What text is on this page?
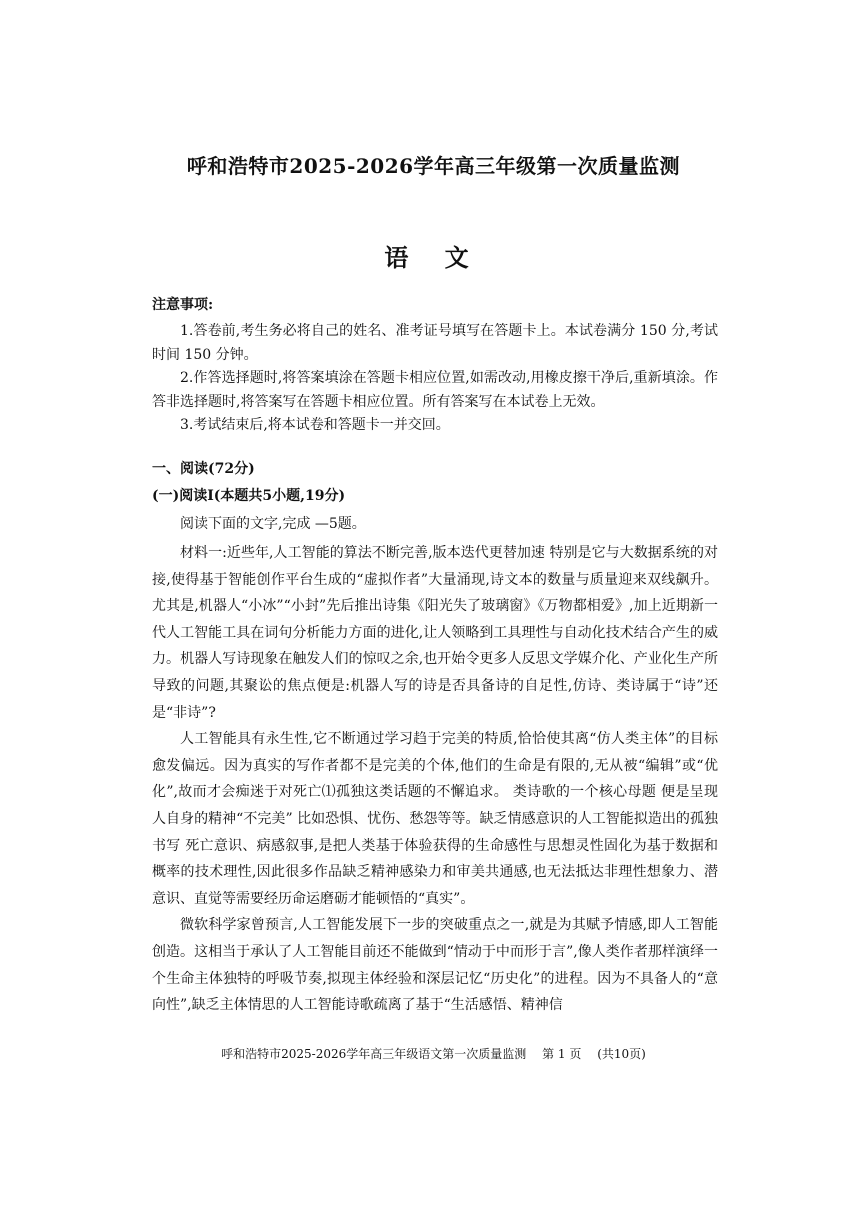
呼和浩特市2025-2026学年高三年级第一次质量监测
语 文
注意事项:

1.答卷前,考生务必将自己的姓名、准考证号填写在答题卡上。本试卷满分 150 分,考试时间 150 分钟。

2.作答选择题时,将答案填涂在答题卡相应位置,如需改动,用橡皮擦干净后,重新填涂。作答非选择题时,将答案写在答题卡相应位置。所有答案写在本试卷上无效。

3.考试结束后,将本试卷和答题卡一并交回。

一、阅读(72分)
(一)阅读Ⅰ(本题共5小题,19分)
阅读下面的文字,完成 —5题。

材料一:近些年,人工智能的算法不断完善,版本迭代更替加速 特别是它与大数据系统的对接,使得基于智能创作平台生成的“虚拟作者”大量涌现,诗文本的数量与质量迎来双线飙升。尤其是,机器人“小冰”“小封”先后推出诗集《阳光失了玻璃窗》《万物都相爱》,加上近期新一代人工智能工具在词句分析能力方面的进化,让人领略到工具理性与自动化技术结合产生的威力。机器人写诗现象在触发人们的惊叹之余,也开始令更多人反思文学媒介化、产业化生产所导致的问题,其聚讼的焦点便是:机器人写的诗是否具备诗的自足性,仿诗、类诗属于“诗”还是“非诗”?

人工智能具有永生性,它不断通过学习趋于完美的特质,恰恰使其离“仿人类主体”的目标愈发偏远。因为真实的写作者都不是完美的个体,他们的生命是有限的,无从被“编辑”或“优化”,故而才会痴迷于对死亡⑴孤独这类话题的不懈追求。 类诗歌的一个核心母题 便是呈现人自身的精神“不完美” 比如恐惧、忧伤、愁怨等等。缺乏情感意识的人工智能拟造出的孤独书写 死亡意识、病感叙事,是把人类基于体验获得的生命感性与思想灵性固化为基于数据和概率的技术理性,因此很多作品缺乏精神感染力和审美共通感,也无法抵达非理性想象力、潜意识、直觉等需要经历命运磨砺才能顿悟的“真实”。

微软科学家曾预言,人工智能发展下一步的突破重点之一,就是为其赋予情感,即人工智能创造。这相当于承认了人工智能目前还不能做到“情动于中而形于言”,像人类作者那样演绎一个生命主体独特的呼吸节奏,拟现主体经验和深层记忆“历史化”的进程。因为不具备人的“意向性”,缺乏主体情思的人工智能诗歌疏离了基于“生活感悟、精神信

呼和浩特市2025-2026学年高三年级语文第一次质量监测 第 1 页 (共10页)
